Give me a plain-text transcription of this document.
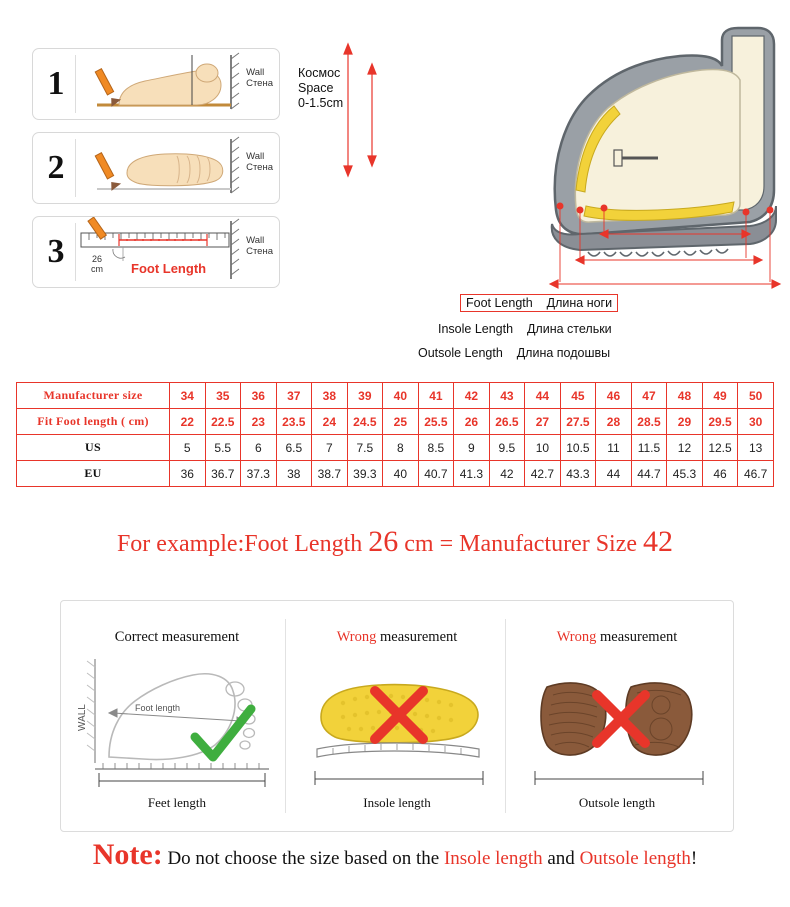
1	Wall
Стена
2	Wall
Стена
3	Wall
Стена
Foot Length
26
cm
Космос
Space
0-1.5cm
Foot Length Длина ноги
Insole Length Длина стельки
Outsole Length Длина подошвы
Manufacturer size	34	35	36	37	38	39	40	41	42	43	44	45	46	47	48	49	50
Fit Foot length ( cm)	22	22.5	23	23.5	24	24.5	25	25.5	26	26.5	27	27.5	28	28.5	29	29.5	30
US	5	5.5	6	6.5	7	7.5	8	8.5	9	9.5	10	10.5	11	11.5	12	12.5	13
EU	36	36.7	37.3	38	38.7	39.3	40	40.7	41.3	42	42.7	43.3	44	44.7	45.3	46	46.7
For example:Foot Length 26 cm = Manufacturer Size 42
Correct measurement
WALL	Foot length
Feet length
Wrong measurement
Insole length
Wrong measurement
Outsole length
Note: Do not choose the size based on the Insole length and Outsole length!
